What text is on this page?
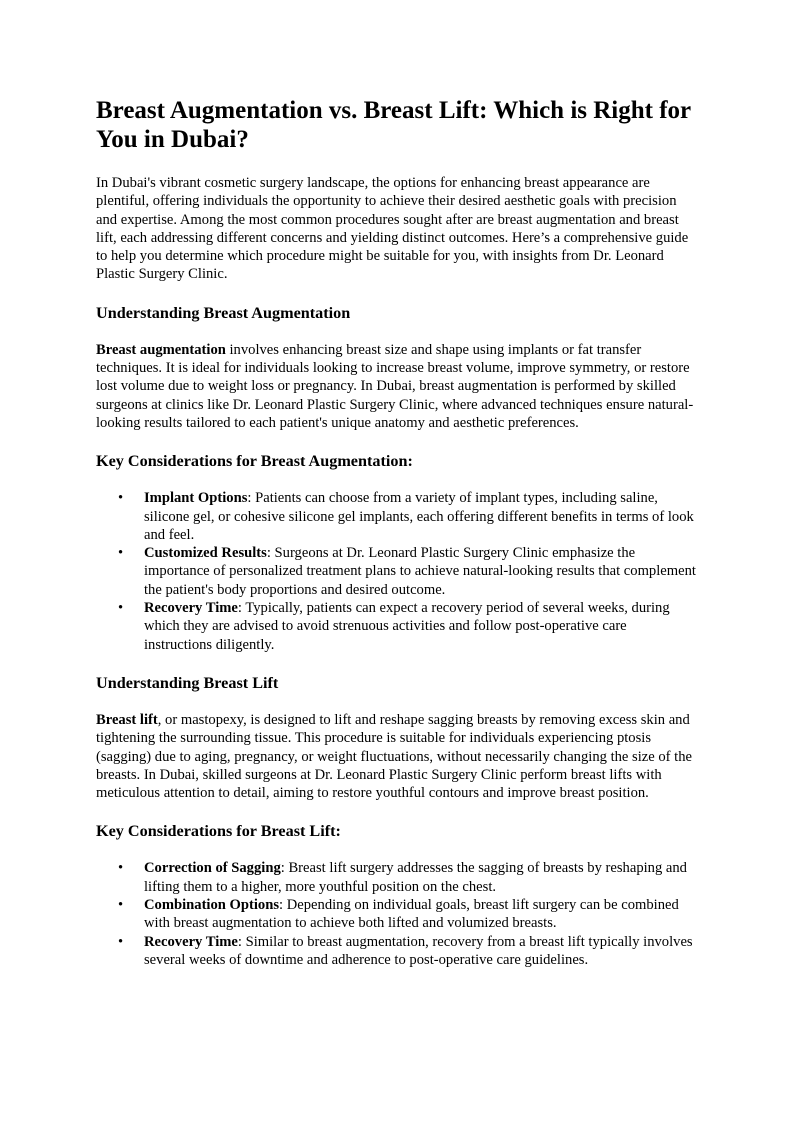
Breast Augmentation vs. Breast Lift: Which is Right for You in Dubai?

In Dubai's vibrant cosmetic surgery landscape, the options for enhancing breast appearance are plentiful, offering individuals the opportunity to achieve their desired aesthetic goals with precision and expertise. Among the most common procedures sought after are breast augmentation and breast lift, each addressing different concerns and yielding distinct outcomes. Here’s a comprehensive guide to help you determine which procedure might be suitable for you, with insights from Dr. Leonard Plastic Surgery Clinic.

Understanding Breast Augmentation

Breast augmentation involves enhancing breast size and shape using implants or fat transfer techniques. It is ideal for individuals looking to increase breast volume, improve symmetry, or restore lost volume due to weight loss or pregnancy. In Dubai, breast augmentation is performed by skilled surgeons at clinics like Dr. Leonard Plastic Surgery Clinic, where advanced techniques ensure natural-looking results tailored to each patient's unique anatomy and aesthetic preferences.

Key Considerations for Breast Augmentation:
• Implant Options: Patients can choose from a variety of implant types, including saline, silicone gel, or cohesive silicone gel implants, each offering different benefits in terms of look and feel.
• Customized Results: Surgeons at Dr. Leonard Plastic Surgery Clinic emphasize the importance of personalized treatment plans to achieve natural-looking results that complement the patient's body proportions and desired outcome.
• Recovery Time: Typically, patients can expect a recovery period of several weeks, during which they are advised to avoid strenuous activities and follow post-operative care instructions diligently.
Understanding Breast Lift

Breast lift, or mastopexy, is designed to lift and reshape sagging breasts by removing excess skin and tightening the surrounding tissue. This procedure is suitable for individuals experiencing ptosis (sagging) due to aging, pregnancy, or weight fluctuations, without necessarily changing the size of the breasts. In Dubai, skilled surgeons at Dr. Leonard Plastic Surgery Clinic perform breast lifts with meticulous attention to detail, aiming to restore youthful contours and improve breast position.

Key Considerations for Breast Lift:
• Correction of Sagging: Breast lift surgery addresses the sagging of breasts by reshaping and lifting them to a higher, more youthful position on the chest.
• Combination Options: Depending on individual goals, breast lift surgery can be combined with breast augmentation to achieve both lifted and volumized breasts.
• Recovery Time: Similar to breast augmentation, recovery from a breast lift typically involves several weeks of downtime and adherence to post-operative care guidelines.
